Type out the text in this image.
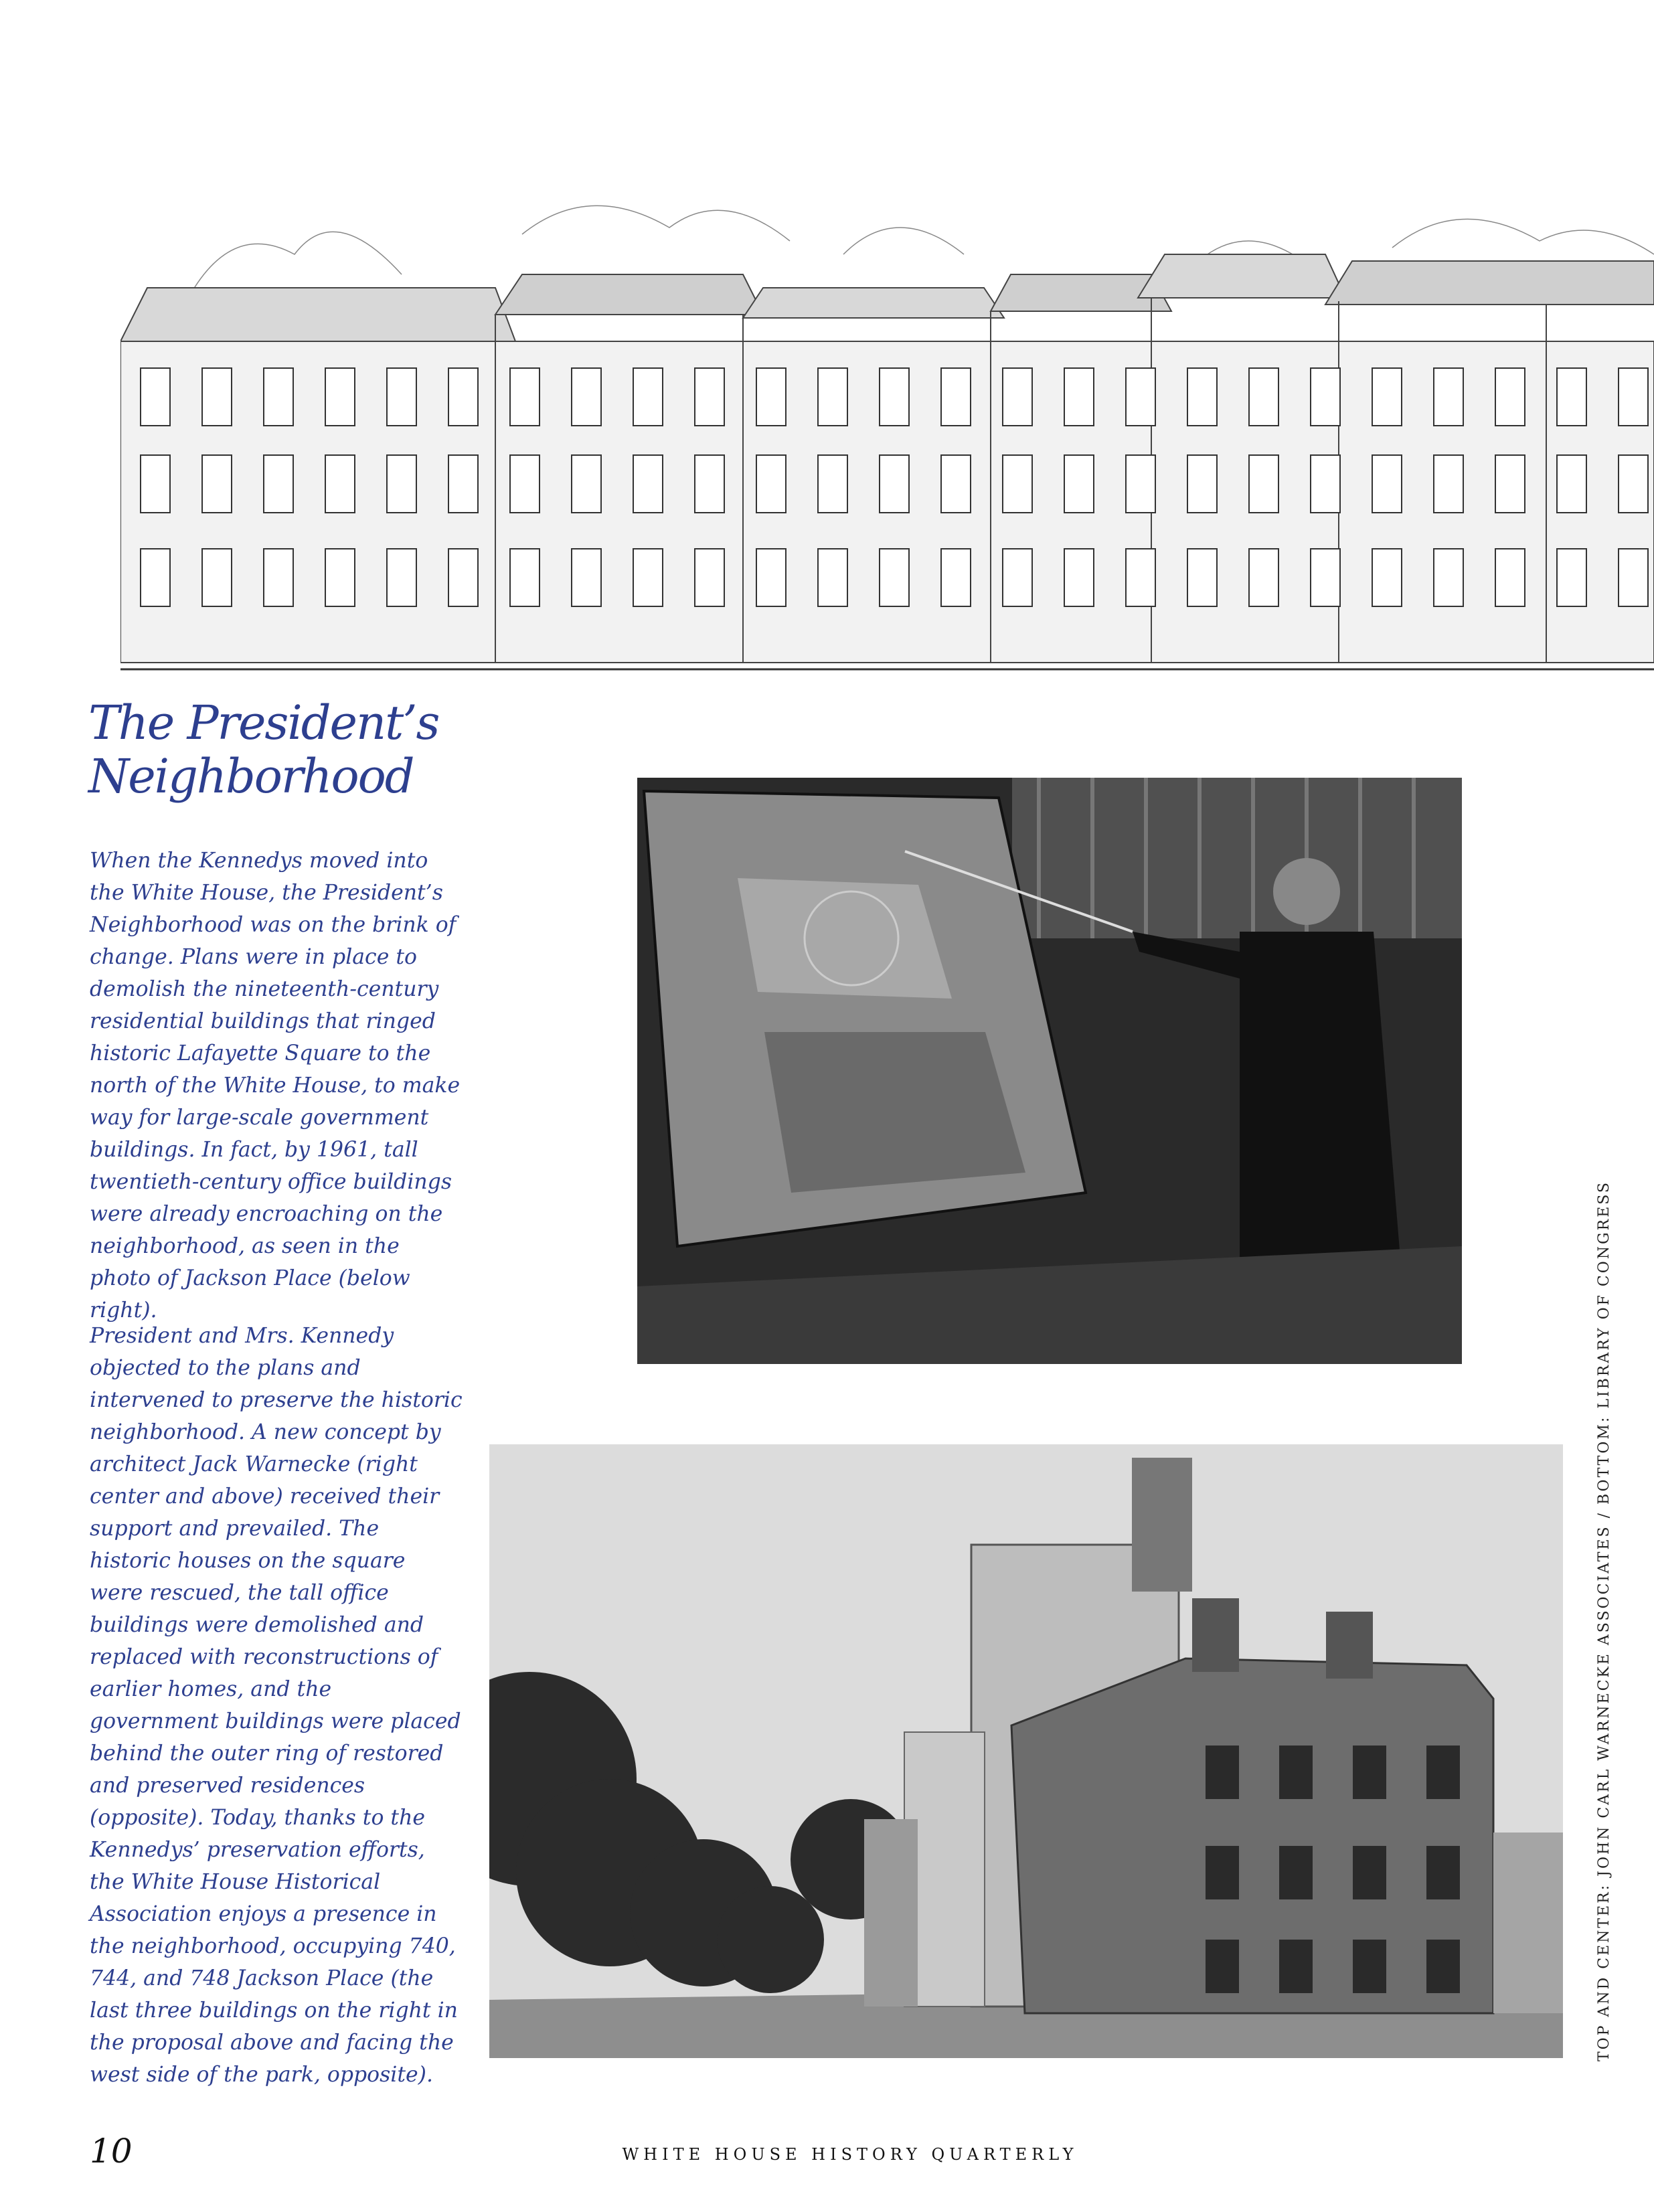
The President’s
Neighborhood

When the Kennedys moved into the White House, the President’s Neighborhood was on the brink of change. Plans were in place to demolish the nineteenth-century residential buildings that ringed historic Lafayette Square to the north of the White House, to make way for large-scale government buildings. In fact, by 1961, tall twentieth-century office buildings were already encroaching on the neighborhood, as seen in the photo of Jackson Place (below right).

President and Mrs. Kennedy objected to the plans and intervened to preserve the historic neighborhood. A new concept by architect Jack Warnecke (right center and above) received their support and prevailed. The historic houses on the square were rescued, the tall office buildings were demolished and replaced with reconstructions of earlier homes, and the government buildings were placed behind the outer ring of restored and preserved residences (opposite). Today, thanks to the Kennedys’ preservation efforts, the White House Historical Association enjoys a presence in the neighborhood, occupying 740, 744, and 748 Jackson Place (the last three buildings on the right in the proposal above and facing the west side of the park, opposite).

TOP AND CENTER: JOHN CARL WARNECKE ASSOCIATES / BOTTOM: LIBRARY OF CONGRESS
10	WHITE HOUSE HISTORY QUARTERLY
